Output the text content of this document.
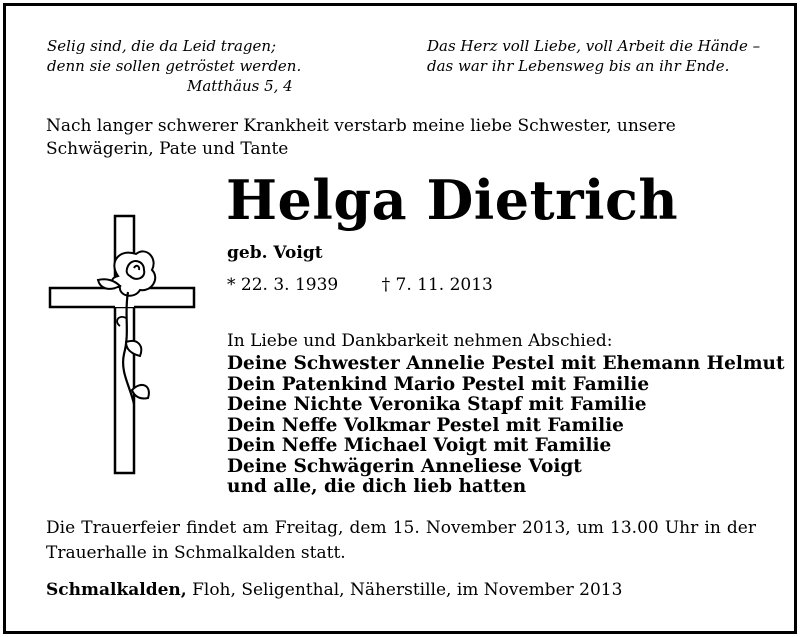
Selig sind, die da Leid tragen;
denn sie sollen getröstet werden.

Matthäus 5, 4
Das Herz voll Liebe, voll Arbeit die Hände –
das war ihr Lebensweg bis an ihr Ende.
Nach langer schwerer Krankheit verstarb meine liebe Schwester, unsere Schwägerin, Pate und Tante
Helga Dietrich
geb. Voigt
* 22. 3. 1939	† 7. 11. 2013
In Liebe und Dankbarkeit nehmen Abschied:
Deine Schwester Annelie Pestel mit Ehemann Helmut
Dein Patenkind Mario Pestel mit Familie
Deine Nichte Veronika Stapf mit Familie
Dein Neffe Volkmar Pestel mit Familie
Dein Neffe Michael Voigt mit Familie
Deine Schwägerin Anneliese Voigt
und alle, die dich lieb hatten
Die Trauerfeier findet am Freitag, dem 15. November 2013, um 13.00 Uhr in der Trauerhalle in Schmalkalden statt.
Schmalkalden, Floh, Seligenthal, Näherstille, im November 2013
